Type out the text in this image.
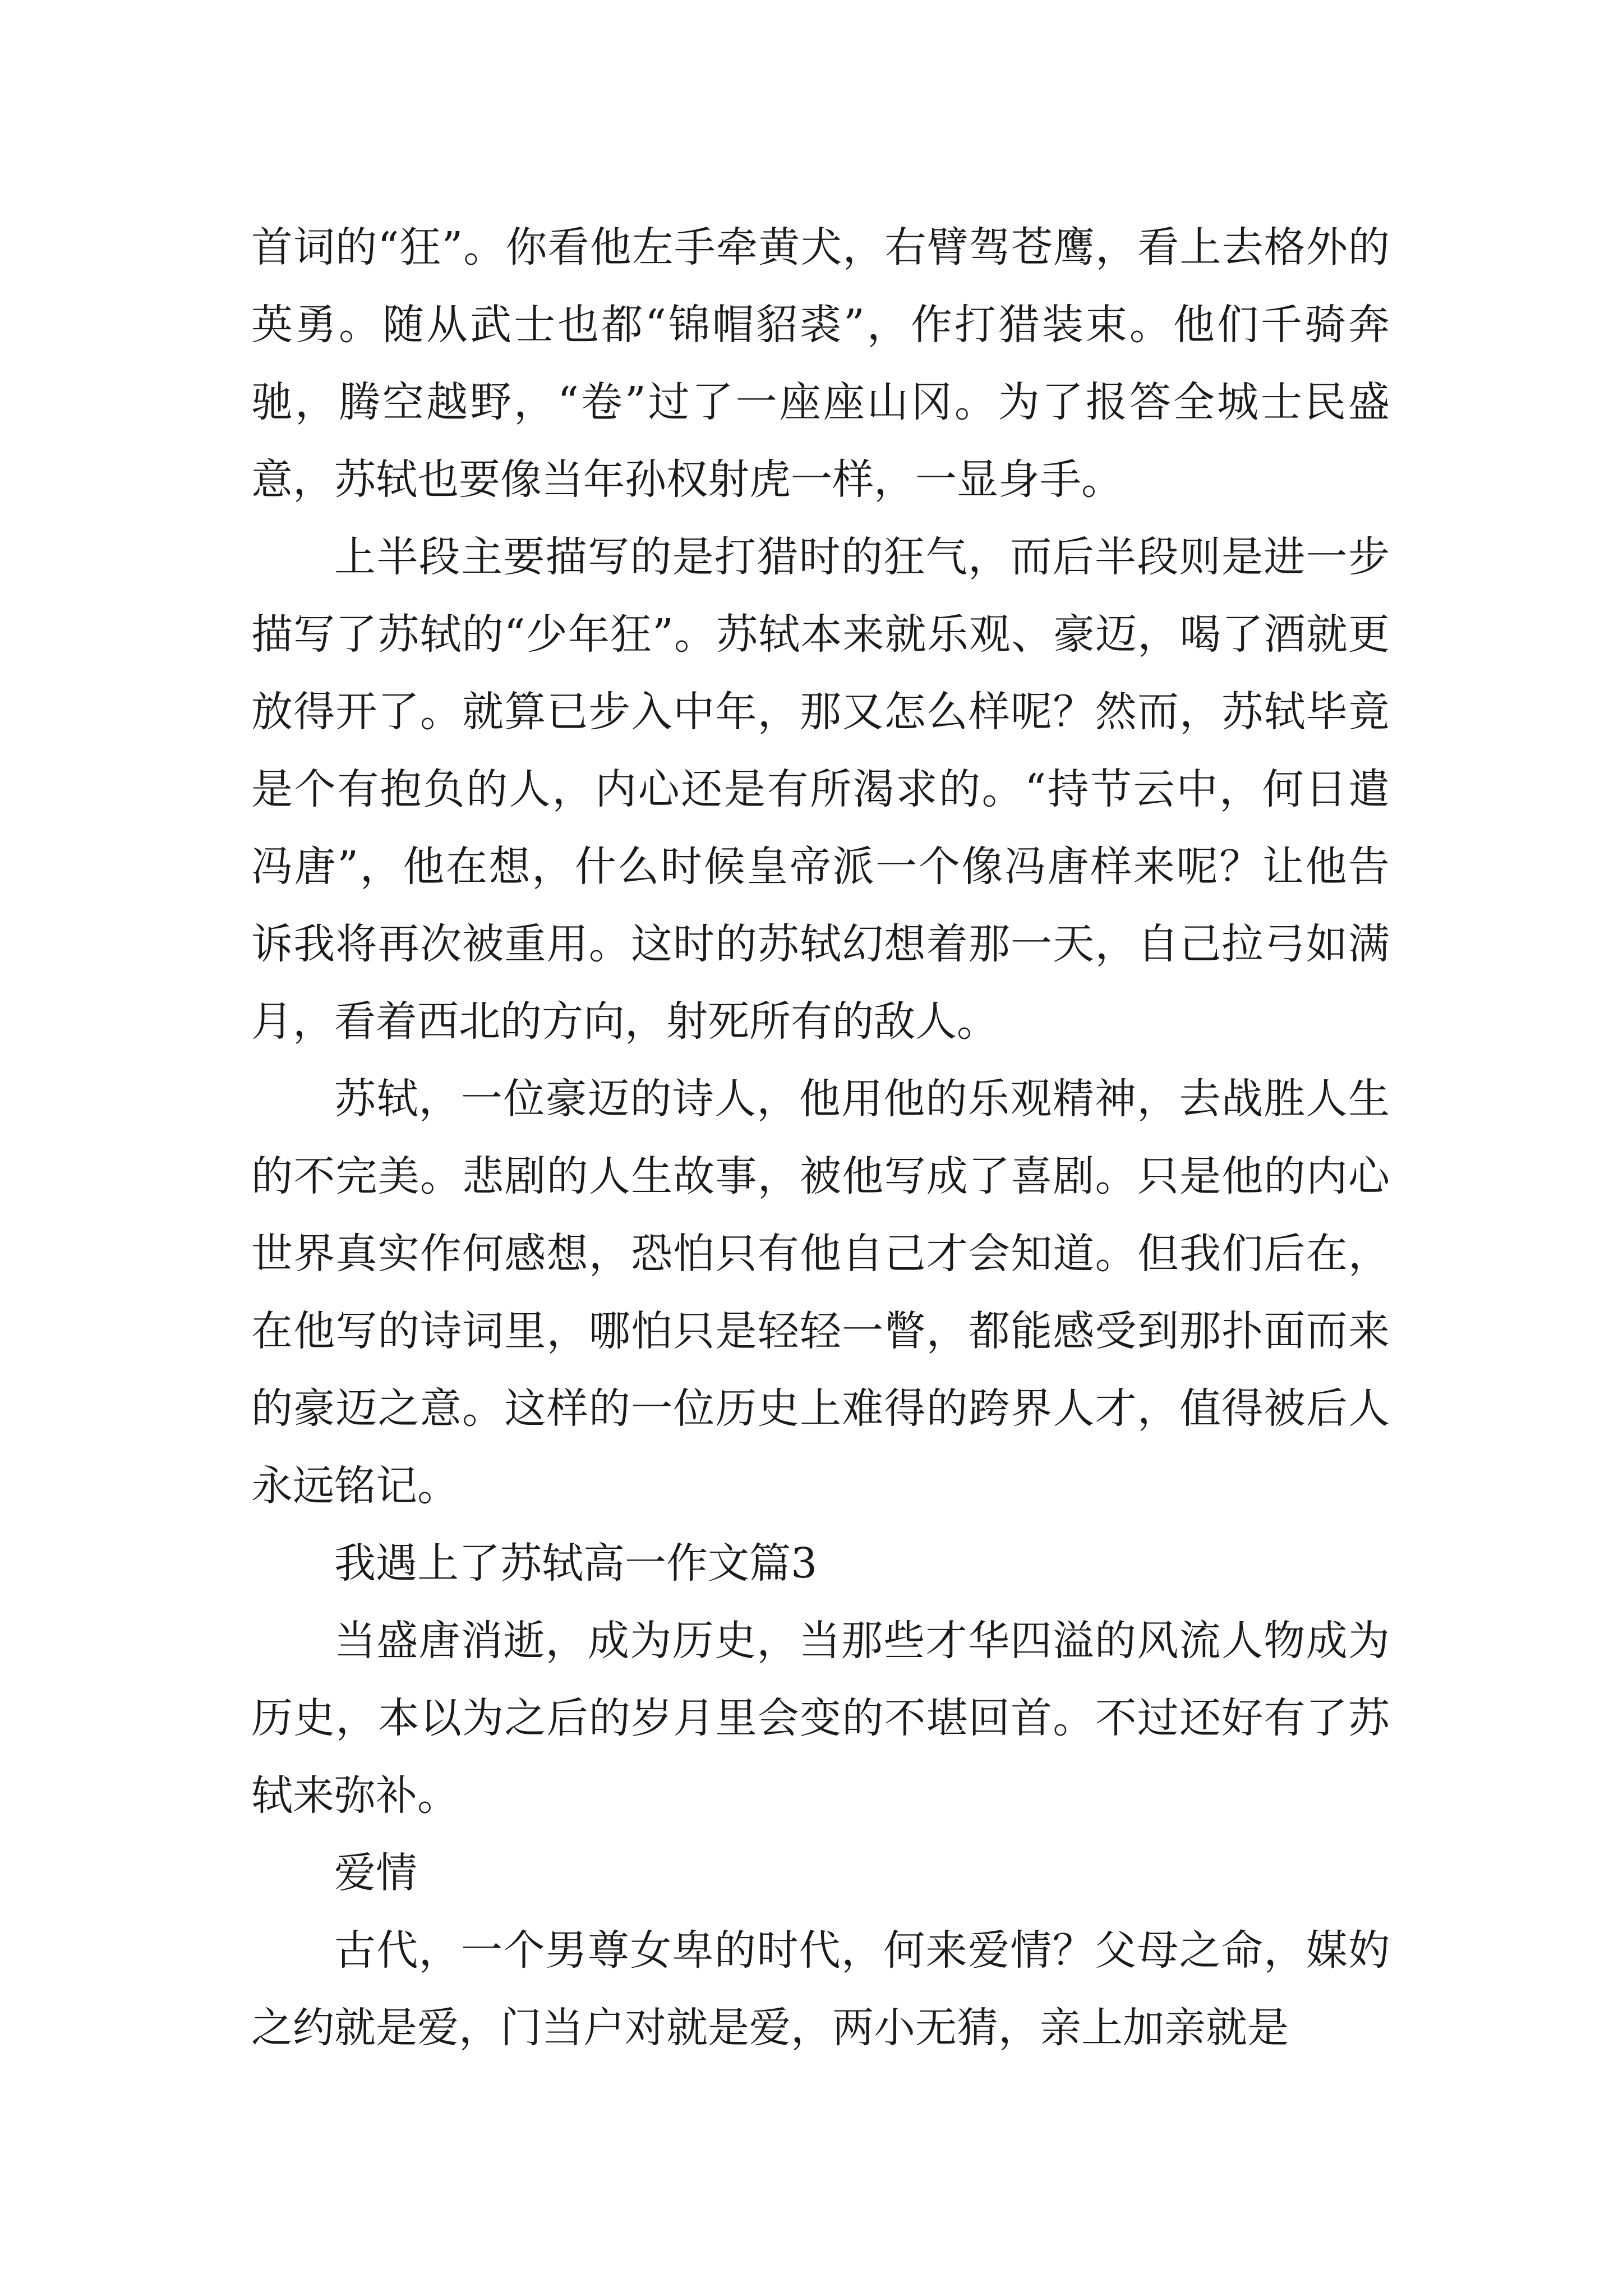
首词的“狂”。你看他左手牵黄犬，右臂驾苍鹰，看上去格外的英勇。随从武士也都“锦帽貂裘”，作打猎装束。他们千骑奔驰，腾空越野，“卷”过了一座座山冈。为了报答全城士民盛意，苏轼也要像当年孙权射虎一样，一显身手。

上半段主要描写的是打猎时的狂气，而后半段则是进一步描写了苏轼的“少年狂”。苏轼本来就乐观、豪迈，喝了酒就更放得开了。就算已步入中年，那又怎么样呢？然而，苏轼毕竟是个有抱负的人，内心还是有所渴求的。“持节云中，何日遣冯唐”，他在想，什么时候皇帝派一个像冯唐样来呢？让他告诉我将再次被重用。这时的苏轼幻想着那一天，自己拉弓如满月，看着西北的方向，射死所有的敌人。

苏轼，一位豪迈的诗人，他用他的乐观精神，去战胜人生的不完美。悲剧的人生故事，被他写成了喜剧。只是他的内心世界真实作何感想，恐怕只有他自己才会知道。但我们后在，在他写的诗词里，哪怕只是轻轻一瞥，都能感受到那扑面而来的豪迈之意。这样的一位历史上难得的跨界人才，值得被后人永远铭记。

我遇上了苏轼高一作文篇3

当盛唐消逝，成为历史，当那些才华四溢的风流人物成为历史，本以为之后的岁月里会变的不堪回首。不过还好有了苏轼来弥补。

爱情

古代，一个男尊女卑的时代，何来爱情？父母之命，媒妁之约就是爱，门当户对就是爱，两小无猜，亲上加亲就是
